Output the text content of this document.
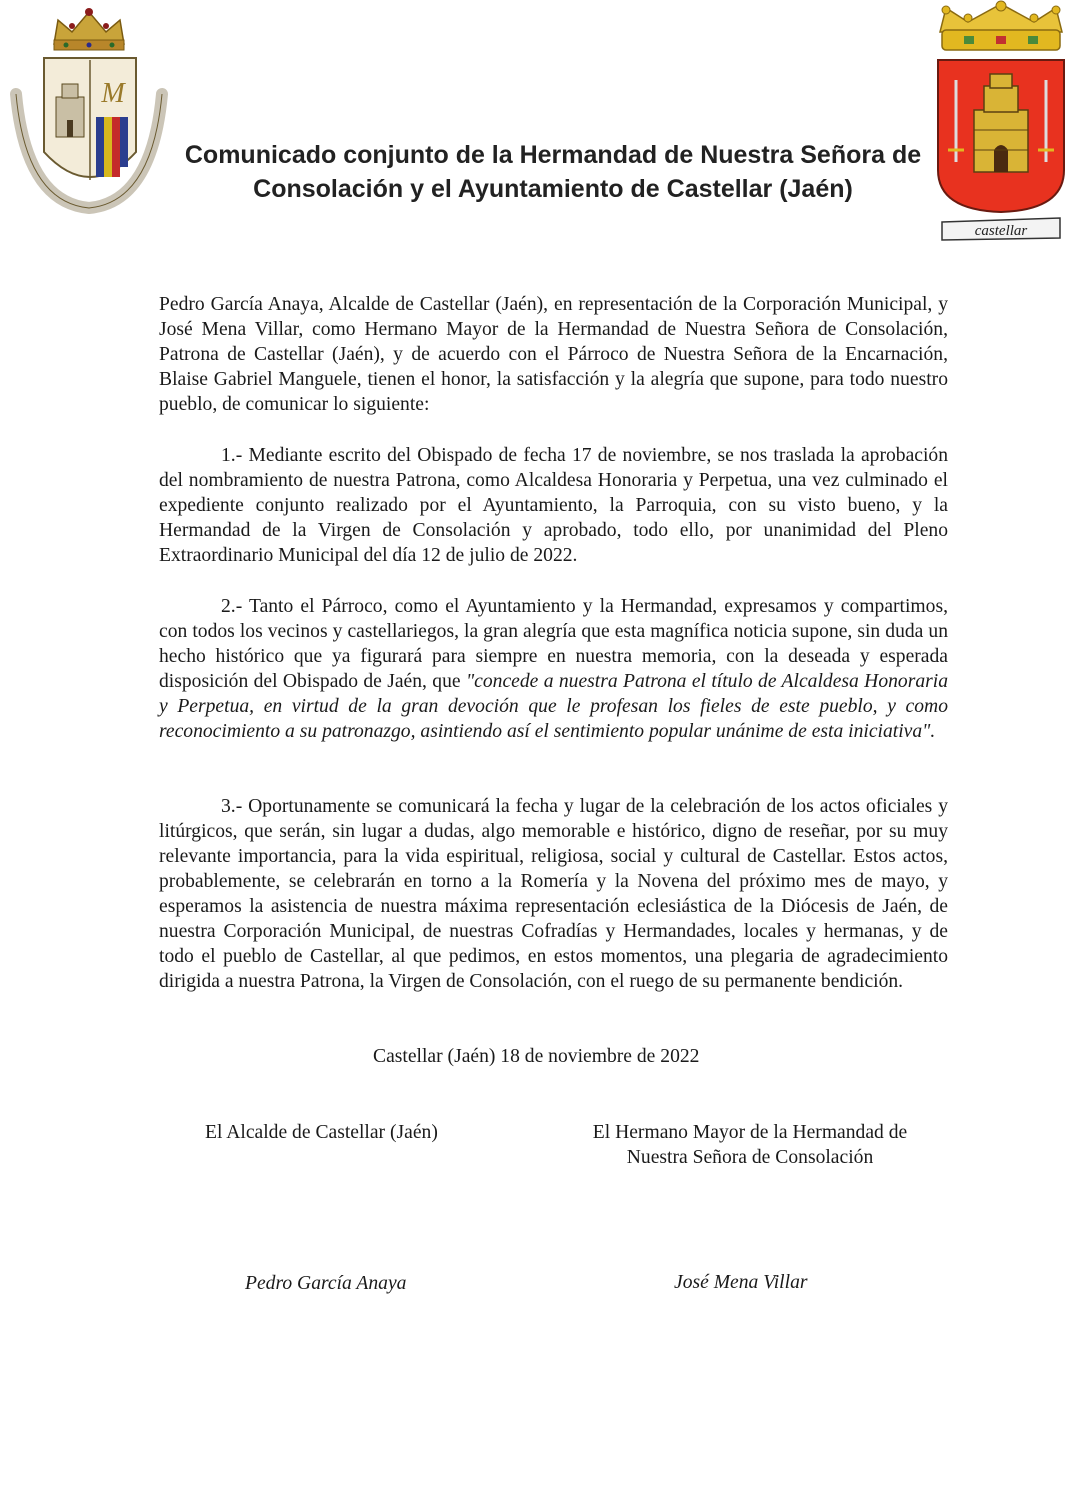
M
castellar
Comunicado conjunto de la Hermandad de Nuestra Señora de Consolación y el Ayuntamiento de Castellar (Jaén)

Pedro García Anaya, Alcalde de Castellar (Jaén), en representación de la Corporación Municipal, y José Mena Villar, como Hermano Mayor de la Hermandad de Nuestra Señora de Consolación, Patrona de Castellar (Jaén), y de acuerdo con el Párroco de Nuestra Señora de la Encarnación, Blaise Gabriel Manguele, tienen el honor, la satisfacción y la alegría que supone, para todo nuestro pueblo, de comunicar lo siguiente:

1.- Mediante escrito del Obispado de fecha 17 de noviembre, se nos traslada la aprobación del nombramiento de nuestra Patrona, como Alcaldesa Honoraria y Perpetua, una vez culminado el expediente conjunto realizado por el Ayuntamiento, la Parroquia, con su visto bueno, y la Hermandad de la Virgen de Consolación y aprobado, todo ello, por unanimidad del Pleno Extraordinario Municipal del día 12 de julio de 2022.

2.- Tanto el Párroco, como el Ayuntamiento y la Hermandad, expresamos y compartimos, con todos los vecinos y castellariegos, la gran alegría que esta magnífica noticia supone, sin duda un hecho histórico que ya figurará para siempre en nuestra memoria, con la deseada y esperada disposición del Obispado de Jaén, que "concede a nuestra Patrona el título de Alcaldesa Honoraria y Perpetua, en virtud de la gran devoción que le profesan los fieles de este pueblo, y como reconocimiento a su patronazgo, asintiendo así el sentimiento popular unánime de esta iniciativa".

3.- Oportunamente se comunicará la fecha y lugar de la celebración de los actos oficiales y litúrgicos, que serán, sin lugar a dudas, algo memorable e histórico, digno de reseñar, por su muy relevante importancia, para la vida espiritual, religiosa, social y cultural de Castellar. Estos actos, probablemente, se celebrarán en torno a la Romería y la Novena del próximo mes de mayo, y esperamos la asistencia de nuestra máxima representación eclesiástica de la Diócesis de Jaén, de nuestra Corporación Municipal, de nuestras Cofradías y Hermandades, locales y hermanas, y de todo el pueblo de Castellar, al que pedimos, en estos momentos, una plegaria de agradecimiento dirigida a nuestra Patrona, la Virgen de Consolación, con el ruego de su permanente bendición.

Castellar (Jaén) 18 de noviembre de 2022
El Alcalde de Castellar (Jaén)	El Hermano Mayor de la Hermandad de
Nuestra Señora de Consolación
Pedro García Anaya	José Mena Villar
